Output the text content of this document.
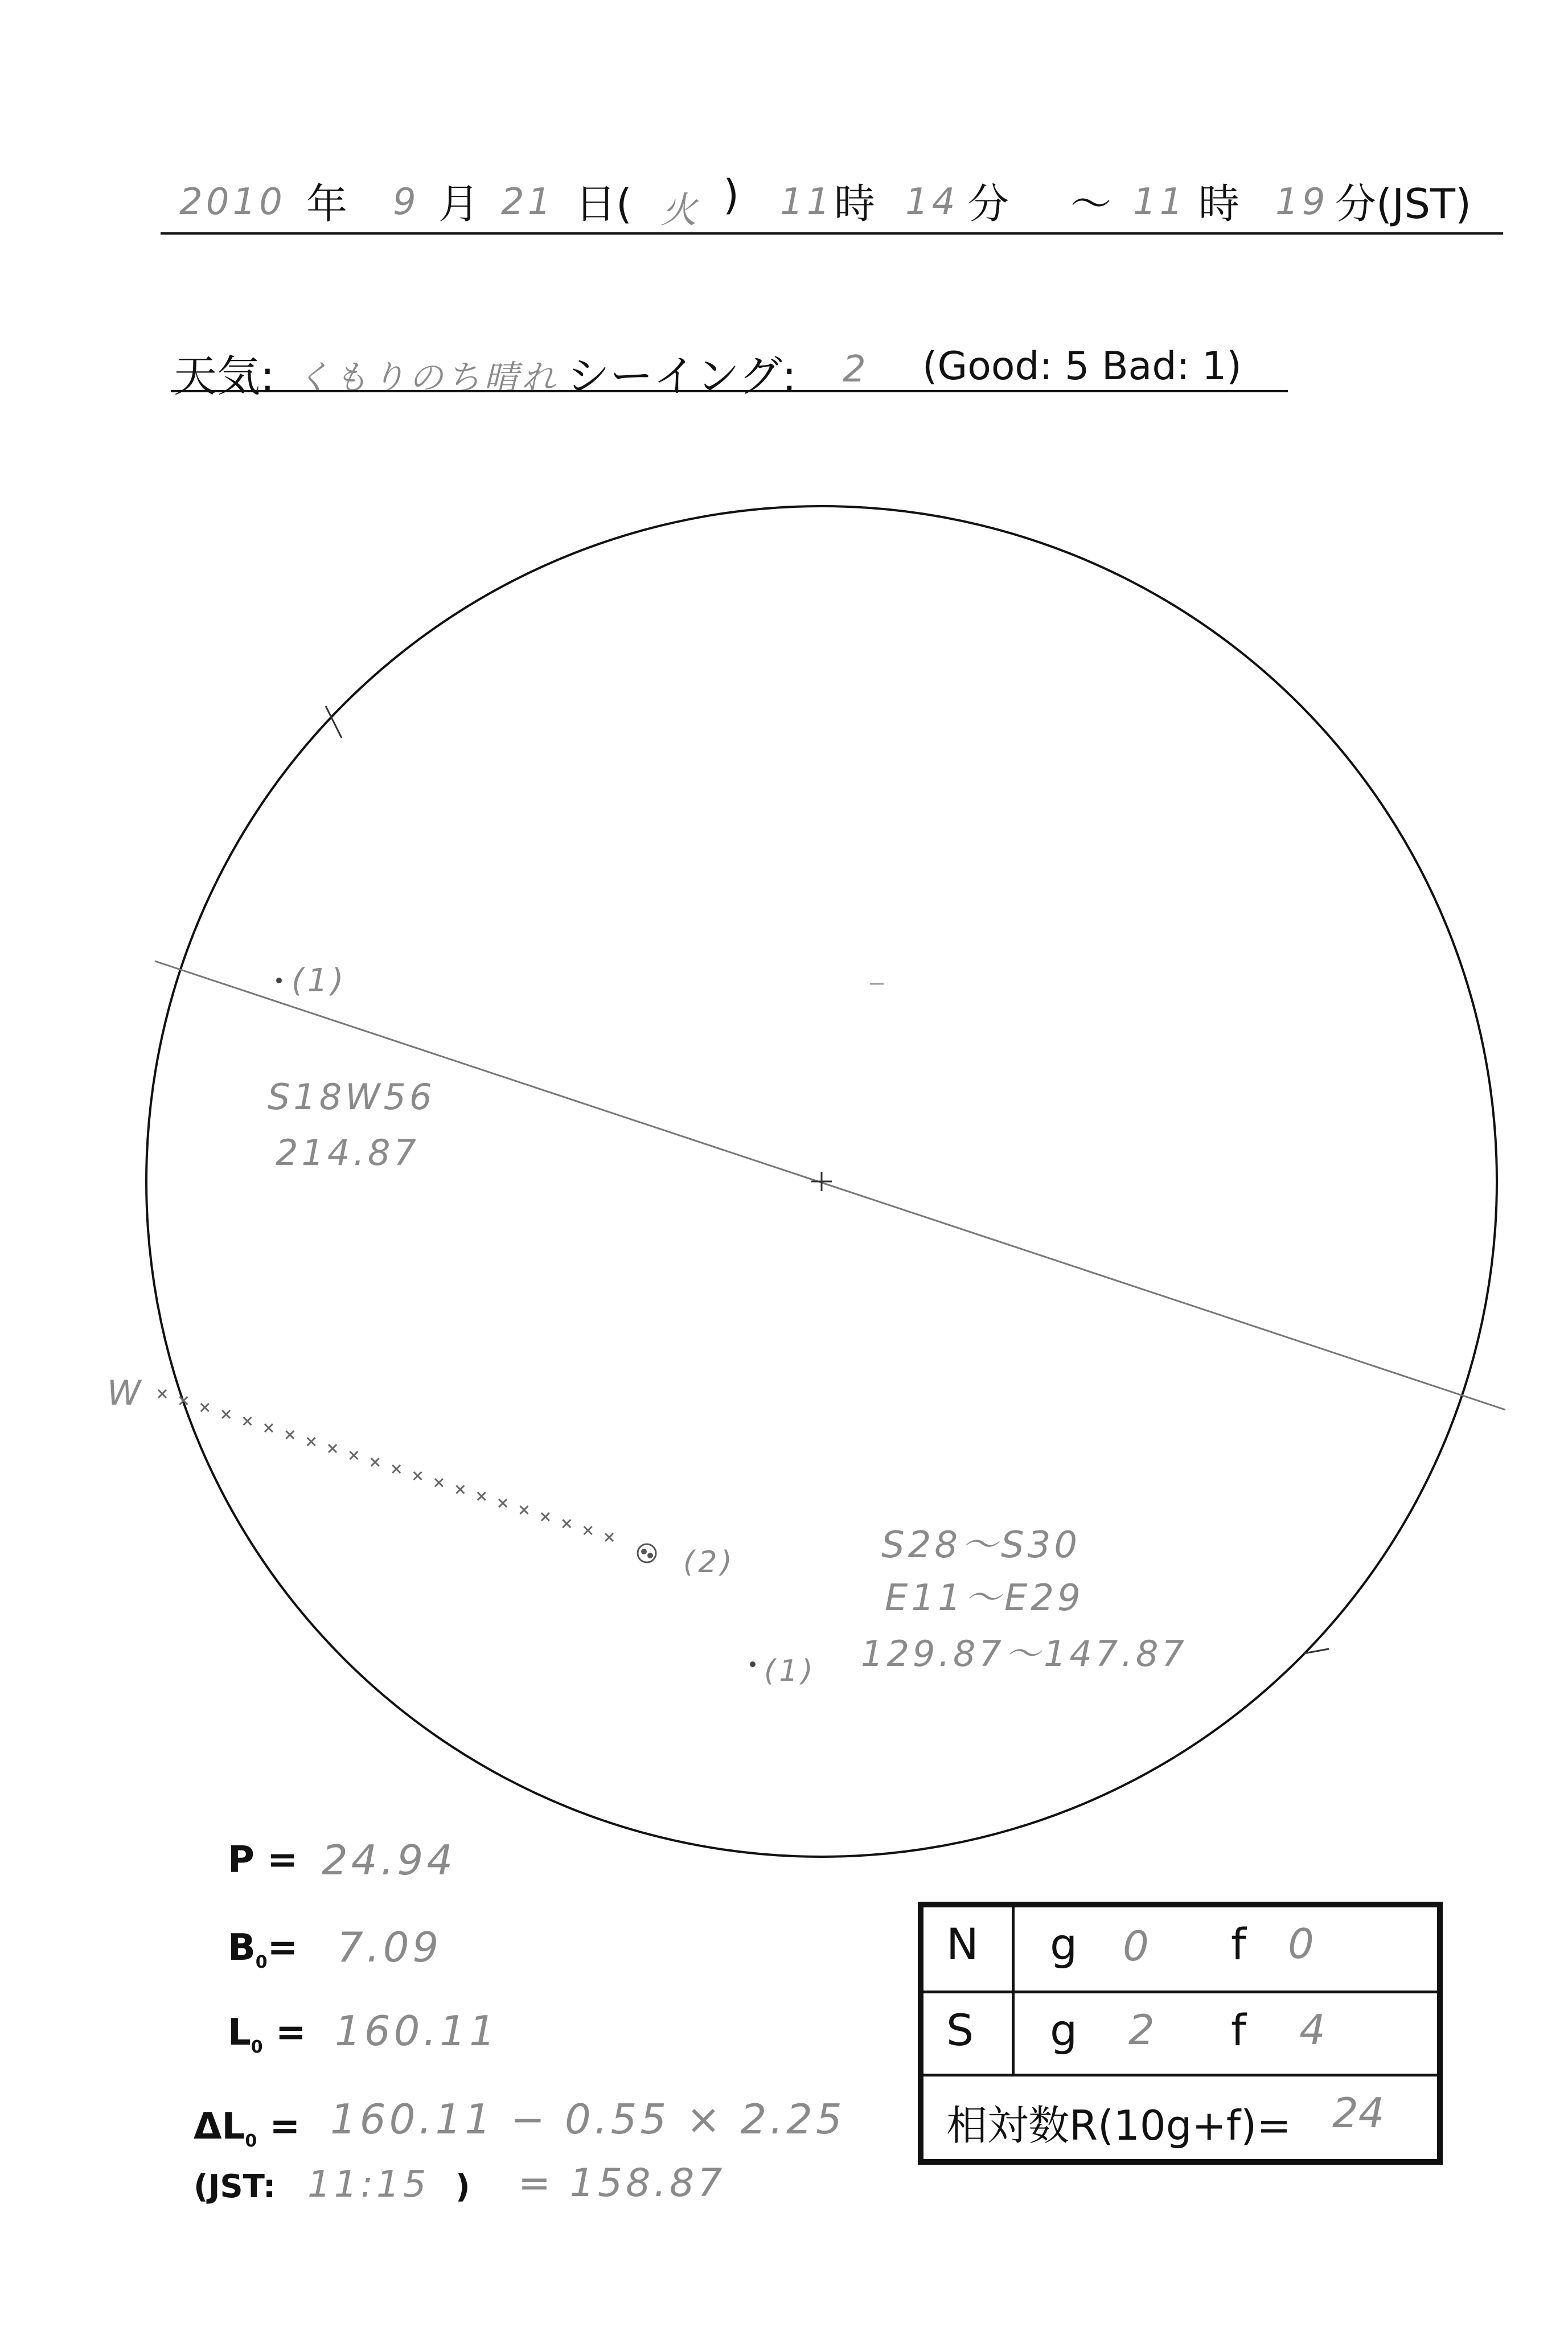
2010 年 9 月 21 日( 火 ) 11 時 14 分 〜 11 時 19 分(JST)
天気: くもりのち晴れ シーイング: 2 (Good: 5 Bad: 1)
W
(1)
S18W56
214.87
(2)	S28〜S30
E11〜E29
129.87〜147.87
(1)
P = 24.94
$B_0= 7.09$
$L_0 = 160.11$
$\Delta L_0 = 160.11 - 0.55 \times 2.25$
(JST: 11:15 ) = 158.87
N g 0 f 0
S g 2 f 4
相対数R(10g+f)= 24
